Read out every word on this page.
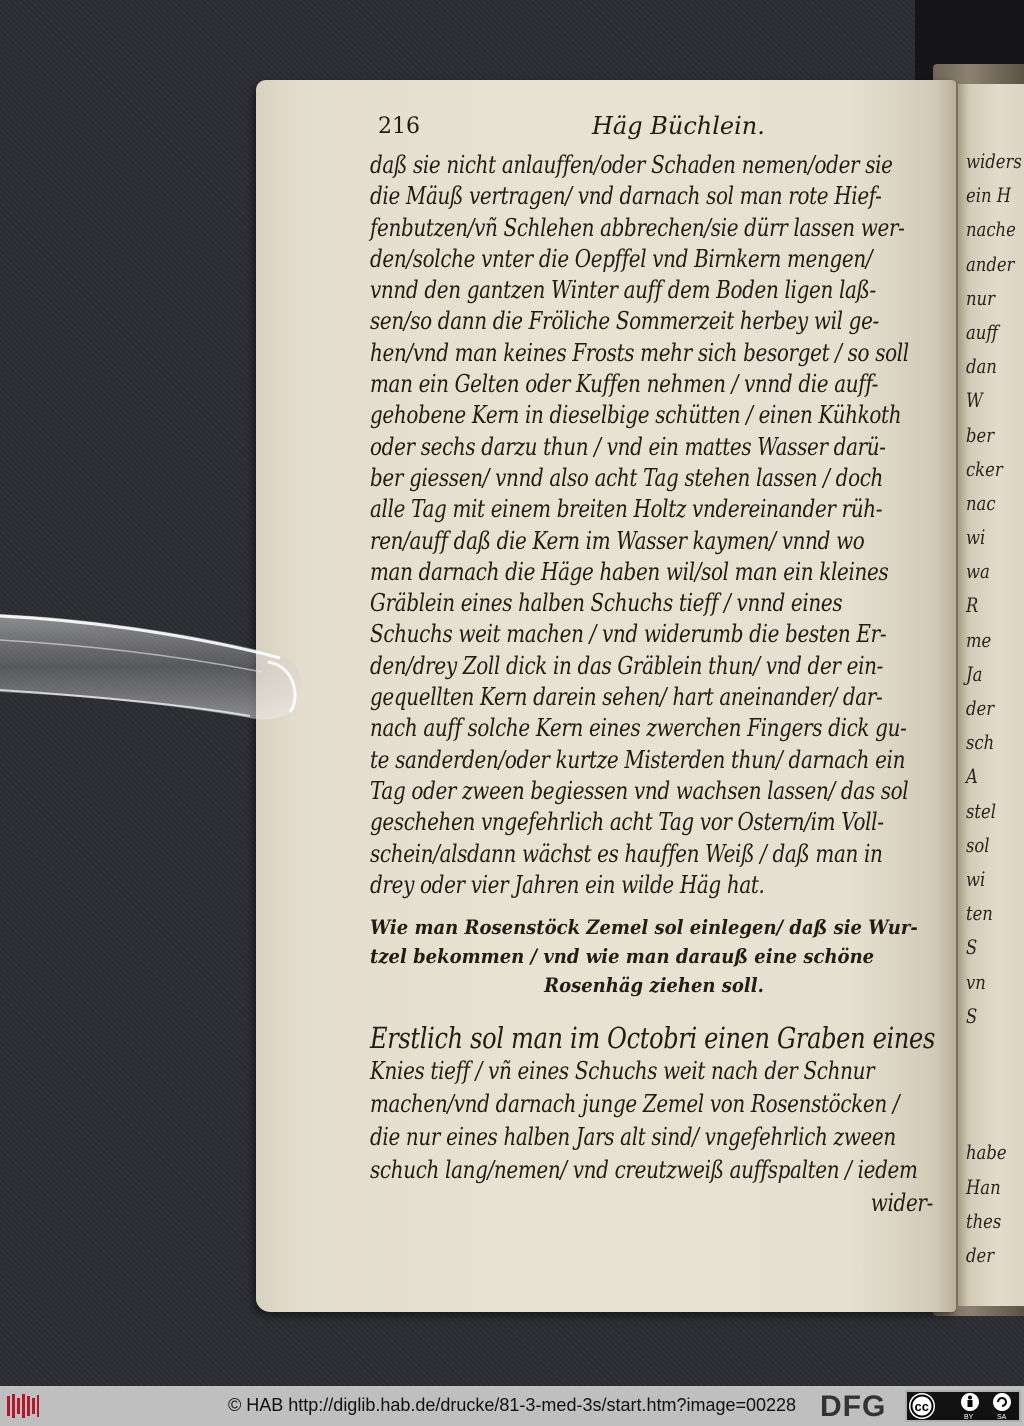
widers
ein H
nache
ander
nur
auff
dan
W
ber
cker
nac
wi
wa
R
me
Ja
der
sch
A
stel
sol
wi
ten
S
vn
S
habe
Han
thes
der
216	Häg Büchlein.
daß sie nicht anlauffen/oder Schaden nemen/oder sie
die Mäuß vertragen/ vnd darnach sol man rote Hief-
fenbutzen/vñ Schlehen abbrechen/sie dürr lassen wer-
den/solche vnter die Oepffel vnd Birnkern mengen/
vnnd den gantzen Winter auff dem Boden ligen laß-
sen/so dann die Fröliche Sommerzeit herbey wil ge-
hen/vnd man keines Frosts mehr sich besorget / so soll
man ein Gelten oder Kuffen nehmen / vnnd die auff-
gehobene Kern in dieselbige schütten / einen Kühkoth
oder sechs darzu thun / vnd ein mattes Wasser darü-
ber giessen/ vnnd also acht Tag stehen lassen / doch
alle Tag mit einem breiten Holtz vndereinander rüh-
ren/auff daß die Kern im Wasser kaymen/ vnnd wo
man darnach die Häge haben wil/sol man ein kleines
Gräblein eines halben Schuchs tieff / vnnd eines
Schuchs weit machen / vnd widerumb die besten Er-
den/drey Zoll dick in das Gräblein thun/ vnd der ein-
gequellten Kern darein sehen/ hart aneinander/ dar-
nach auff solche Kern eines zwerchen Fingers dick gu-
te sanderden/oder kurtze Misterden thun/ darnach ein
Tag oder zween begiessen vnd wachsen lassen/ das sol
geschehen vngefehrlich acht Tag vor Ostern/im Voll-
schein/alsdann wächst es hauffen Weiß / daß man in
drey oder vier Jahren ein wilde Häg hat.
Wie man Rosenstöck Zemel sol einlegen/ daß sie Wur-
tzel bekommen / vnd wie man darauß eine schöne
Rosenhäg ziehen soll.
Erstlich sol man im Octobri einen Graben eines
Knies tieff / vñ eines Schuchs weit nach der Schnur
machen/vnd darnach junge Zemel von Rosenstöcken /
die nur eines halben Jars alt sind/ vngefehrlich zween
schuch lang/nemen/ vnd creutzweiß auffspalten / iedem
wider-
© HAB http://diglib.hab.de/drucke/81-3-med-3s/start.htm?image=00228 DFG cc
BY	SA
